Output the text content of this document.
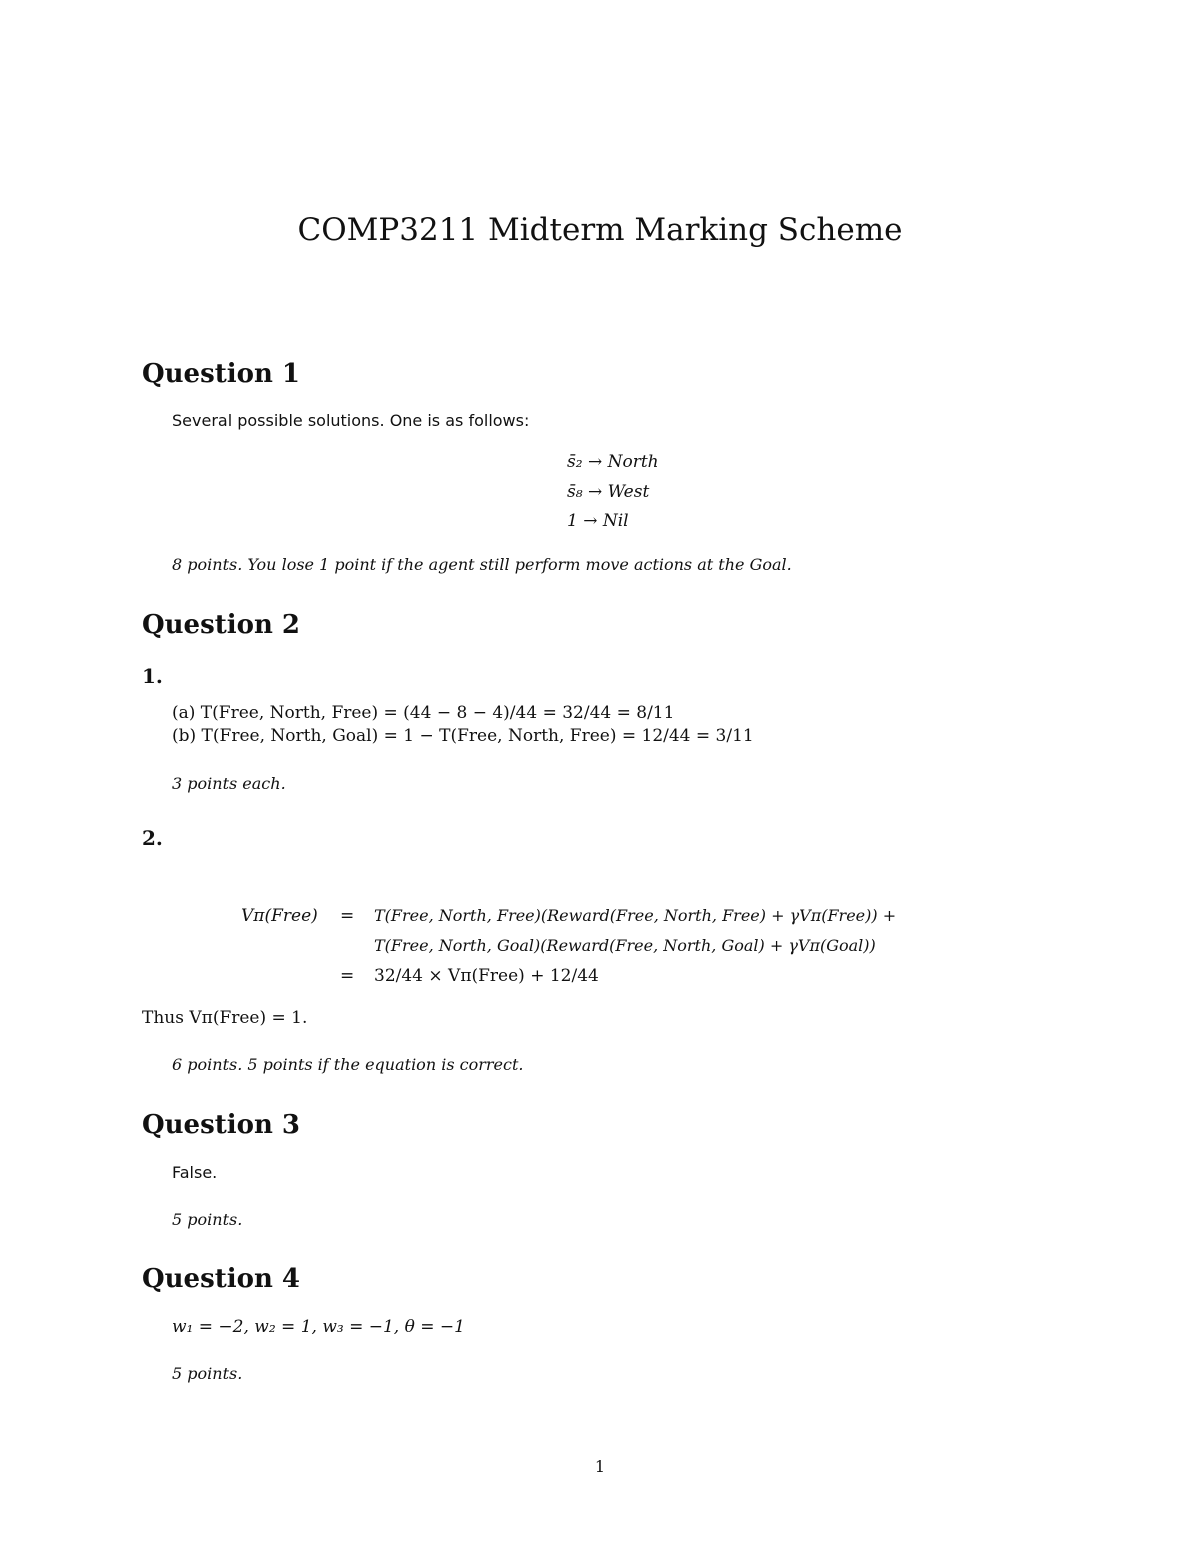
COMP3211 Midterm Marking Scheme
Question 1
Several possible solutions. One is as follows:
s̄₂ → North
s̄₈ → West
1 → Nil
8 points. You lose 1 point if the agent still perform move actions at the Goal.
Question 2
1.
(a) T(Free, North, Free) = (44 − 8 − 4)/44 = 32/44 = 8/11
(b) T(Free, North, Goal) = 1 − T(Free, North, Free) = 12/44 = 3/11
3 points each.
2.
Vπ(Free) = T(Free, North, Free)(Reward(Free, North, Free) + γVπ(Free)) +
T(Free, North, Goal)(Reward(Free, North, Goal) + γVπ(Goal))
= 32/44 × Vπ(Free) + 12/44
Thus Vπ(Free) = 1.
6 points. 5 points if the equation is correct.
Question 3
False.
5 points.
Question 4
w₁ = −2, w₂ = 1, w₃ = −1, θ = −1
5 points.
1
